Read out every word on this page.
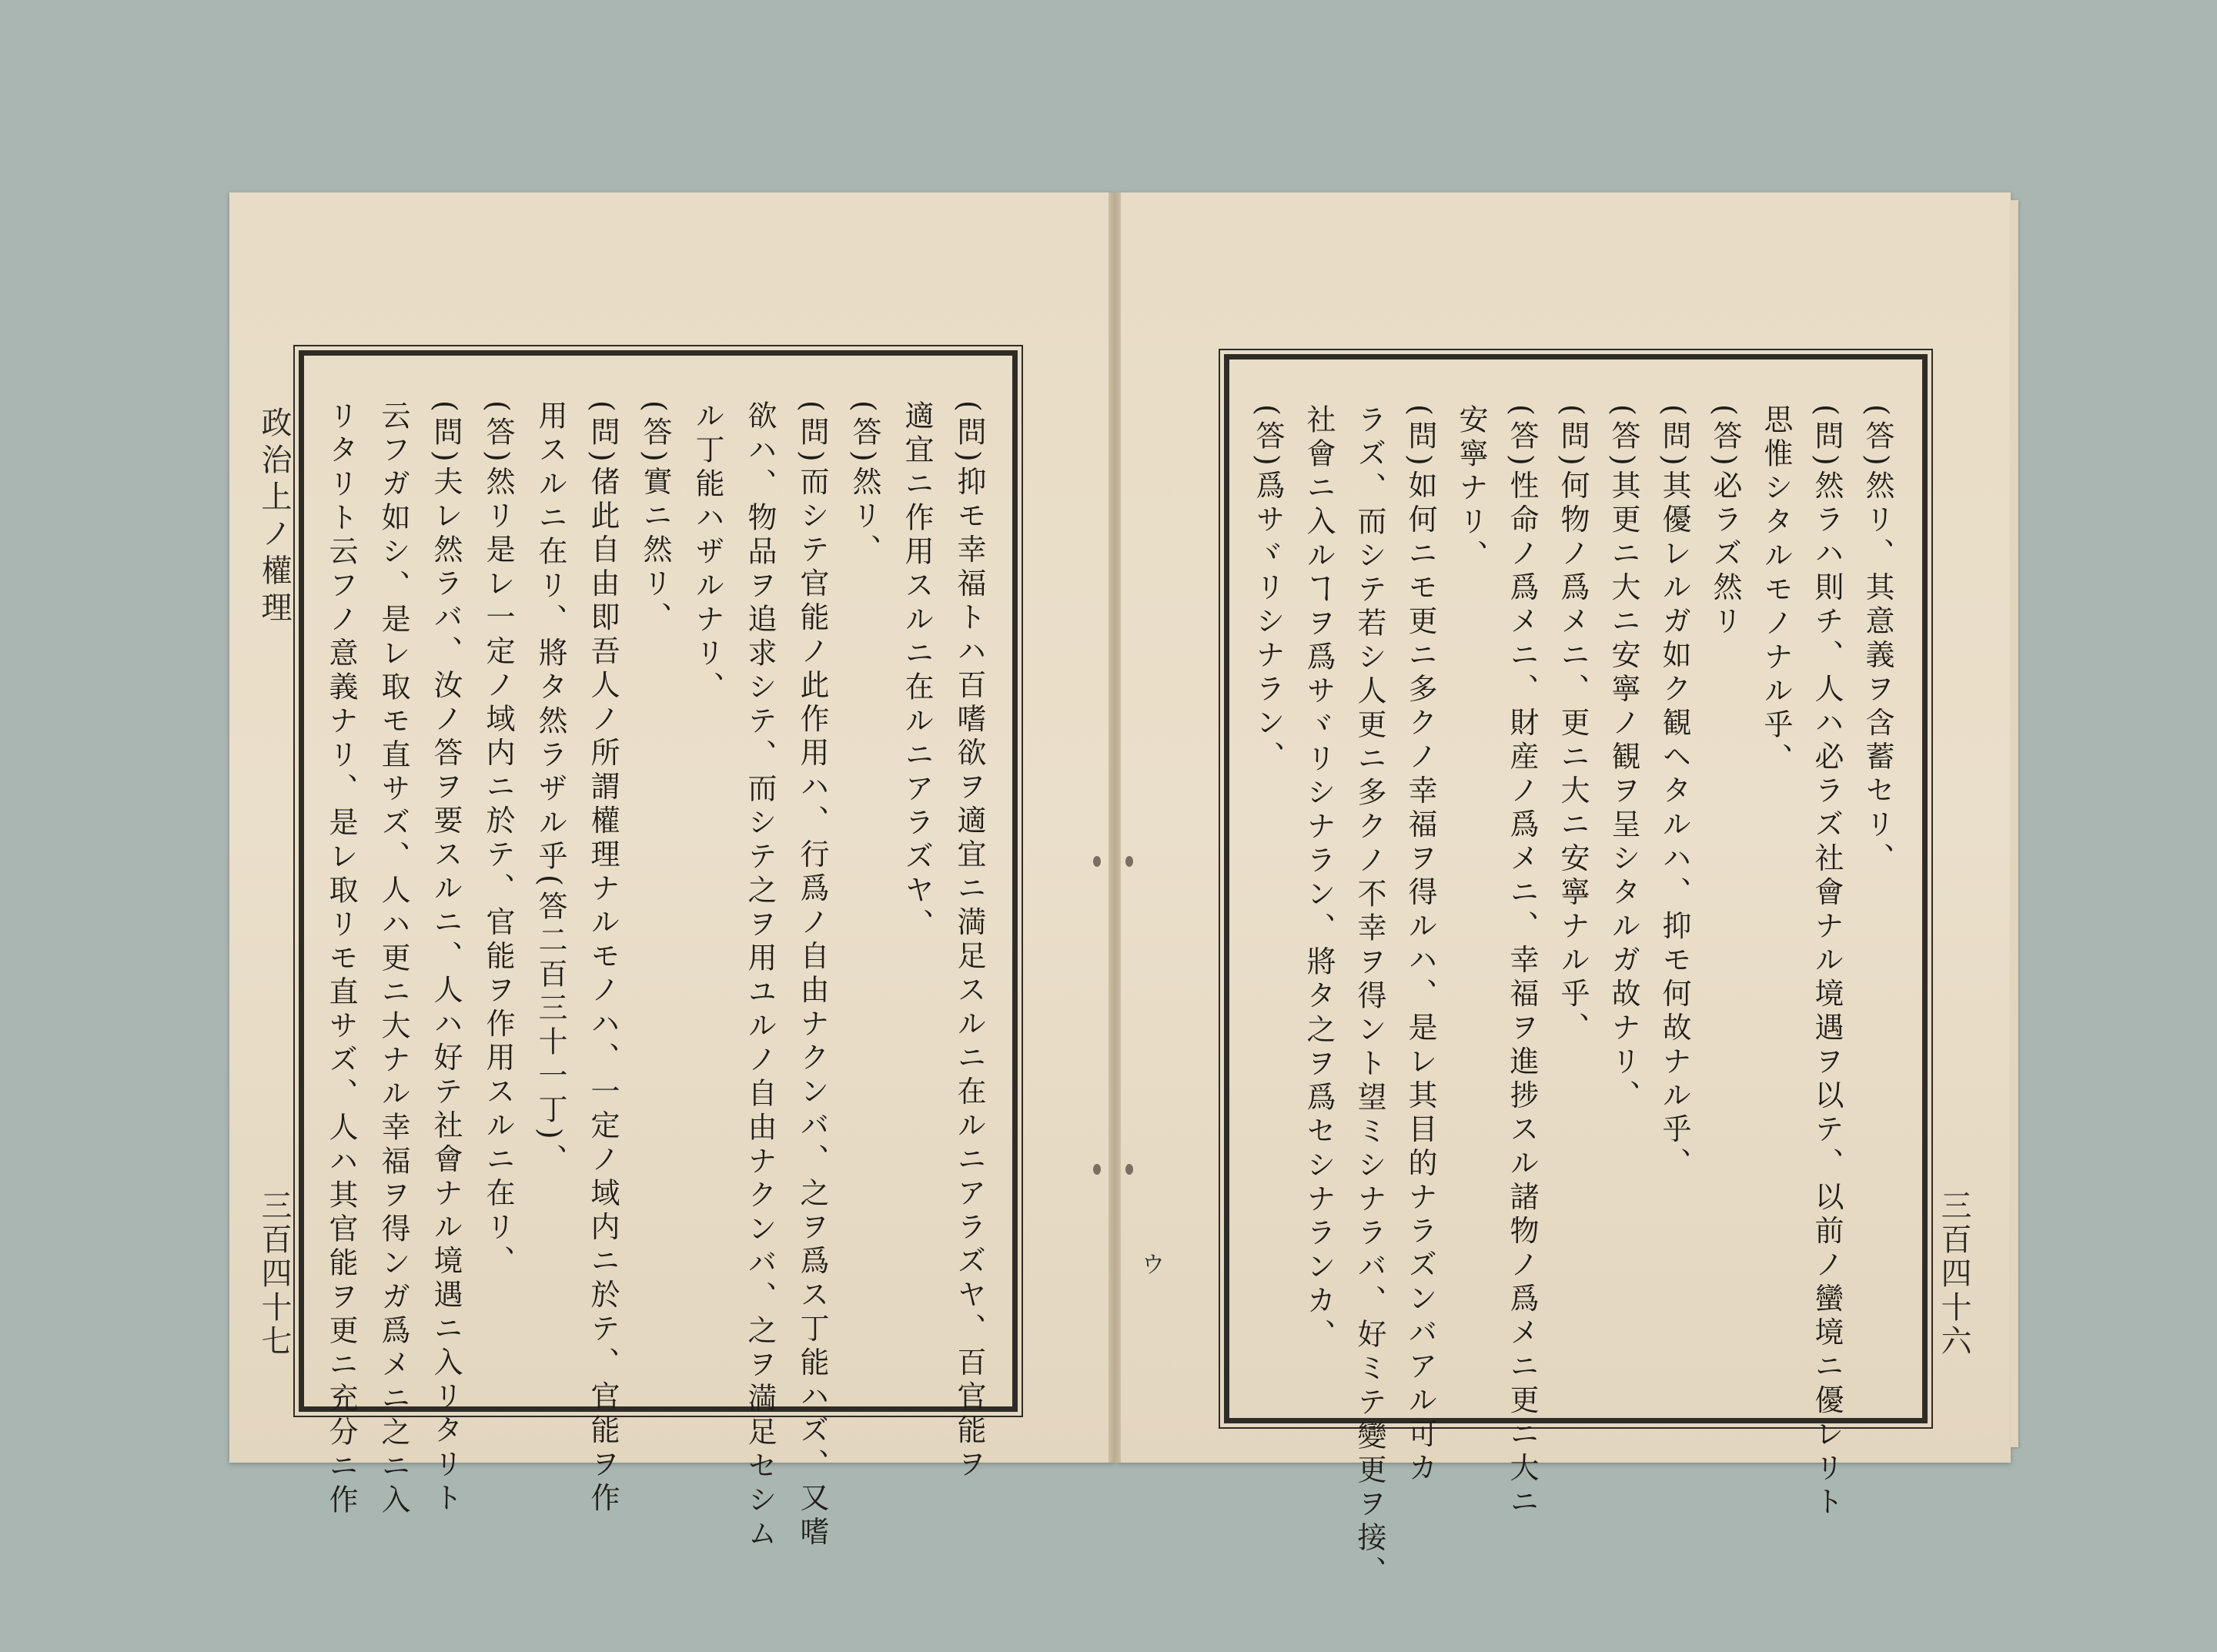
政治上ノ權理
三百四十七	(問)抑モ幸福トハ百嗜欲ヲ適宜ニ満足スルニ在ルニアラズヤ、百官能ヲ
適宜ニ作用スルニ在ルニアラズヤ、
(答)然リ、
(問)而シテ官能ノ此作用ハ、行爲ノ自由ナクンバ、之ヲ爲ス丁能ハズ、又嗜
欲ハ、物品ヲ追求シテ、而シテ之ヲ用ユルノ自由ナクンバ、之ヲ満足セシム
ル丁能ハザルナリ、
(答)實ニ然リ、
(問)偖此自由即吾人ノ所謂權理ナルモノハ、一定ノ域内ニ於テ、官能ヲ作
用スルニ在リ、將タ然ラザル乎(答二百三十一丁)、
(答)然リ是レ一定ノ域内ニ於テ、官能ヲ作用スルニ在リ、
(問)夫レ然ラバ、汝ノ答ヲ要スルニ、人ハ好テ社會ナル境遇ニ入リタリト
云フガ如シ、是レ取モ直サズ、人ハ更ニ大ナル幸福ヲ得ンガ爲メニ之ニ入
リタリト云フノ意義ナリ、是レ取リモ直サズ、人ハ其官能ヲ更ニ充分ニ作	ウ	三百四十六
(答)然リ、其意義ヲ含蓄セリ、
(問)然ラハ則チ、人ハ必ラズ社會ナル境遇ヲ以テ、以前ノ蠻境ニ優レリト
思惟シタルモノナル乎、
(答)必ラズ然リ
(問)其優レルガ如ク観ヘタルハ、抑モ何故ナル乎、
(答)其更ニ大ニ安寧ノ観ヲ呈シタルガ故ナリ、
(問)何物ノ爲メニ、更ニ大ニ安寧ナル乎、
(答)性命ノ爲メニ、財産ノ爲メニ、幸福ヲ進捗スル諸物ノ爲メニ更ニ大ニ
安寧ナリ、
(問)如何ニモ更ニ多クノ幸福ヲ得ルハ、是レ其目的ナラズンバアル可カ
ラズ、而シテ若シ人更ニ多クノ不幸ヲ得ント望ミシナラバ、好ミテ變更ヲ接、
社會ニ入ルヿヲ爲サヾリシナラン、將タ之ヲ爲セシナランカ、
(答)爲サヾリシナラン、
